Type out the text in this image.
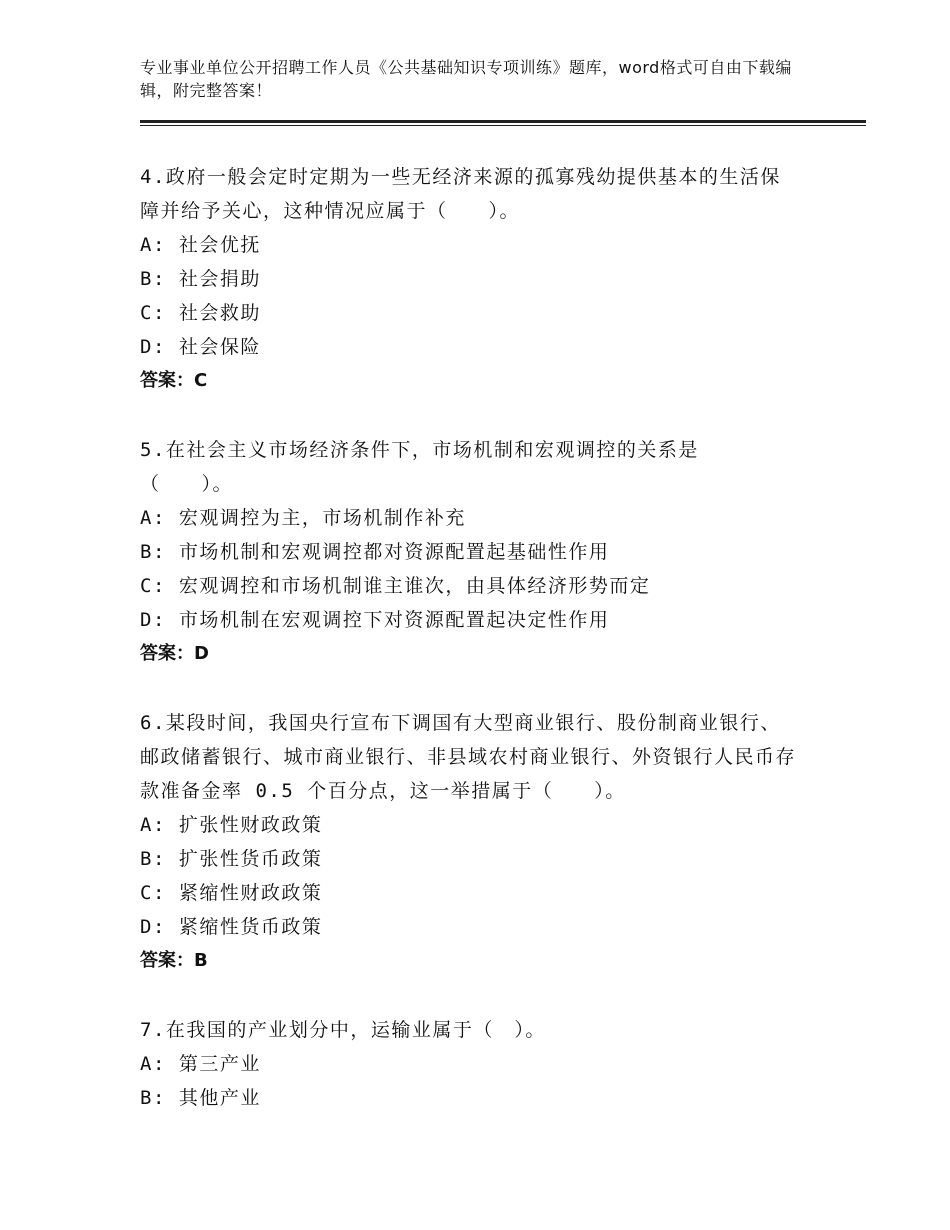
专业事业单位公开招聘工作人员《公共基础知识专项训练》题库，word格式可自由下载编辑，附完整答案！

4.政府一般会定时定期为一些无经济来源的孤寡残幼提供基本的生活保障并给予关心，这种情况应属于（　　）。

A: 社会优抚

B: 社会捐助

C: 社会救助

D: 社会保险

答案：C

5.在社会主义市场经济条件下，市场机制和宏观调控的关系是 （　　）。

A: 宏观调控为主，市场机制作补充

B: 市场机制和宏观调控都对资源配置起基础性作用

C: 宏观调控和市场机制谁主谁次，由具体经济形势而定

D: 市场机制在宏观调控下对资源配置起决定性作用

答案：D

6.某段时间，我国央行宣布下调国有大型商业银行、股份制商业银行、邮政储蓄银行、城市商业银行、非县域农村商业银行、外资银行人民币存款准备金率 0.5 个百分点，这一举措属于（　　）。

A: 扩张性财政政策

B: 扩张性货币政策

C: 紧缩性财政政策

D: 紧缩性货币政策

答案：B

7.在我国的产业划分中，运输业属于（　）。

A: 第三产业

B: 其他产业
